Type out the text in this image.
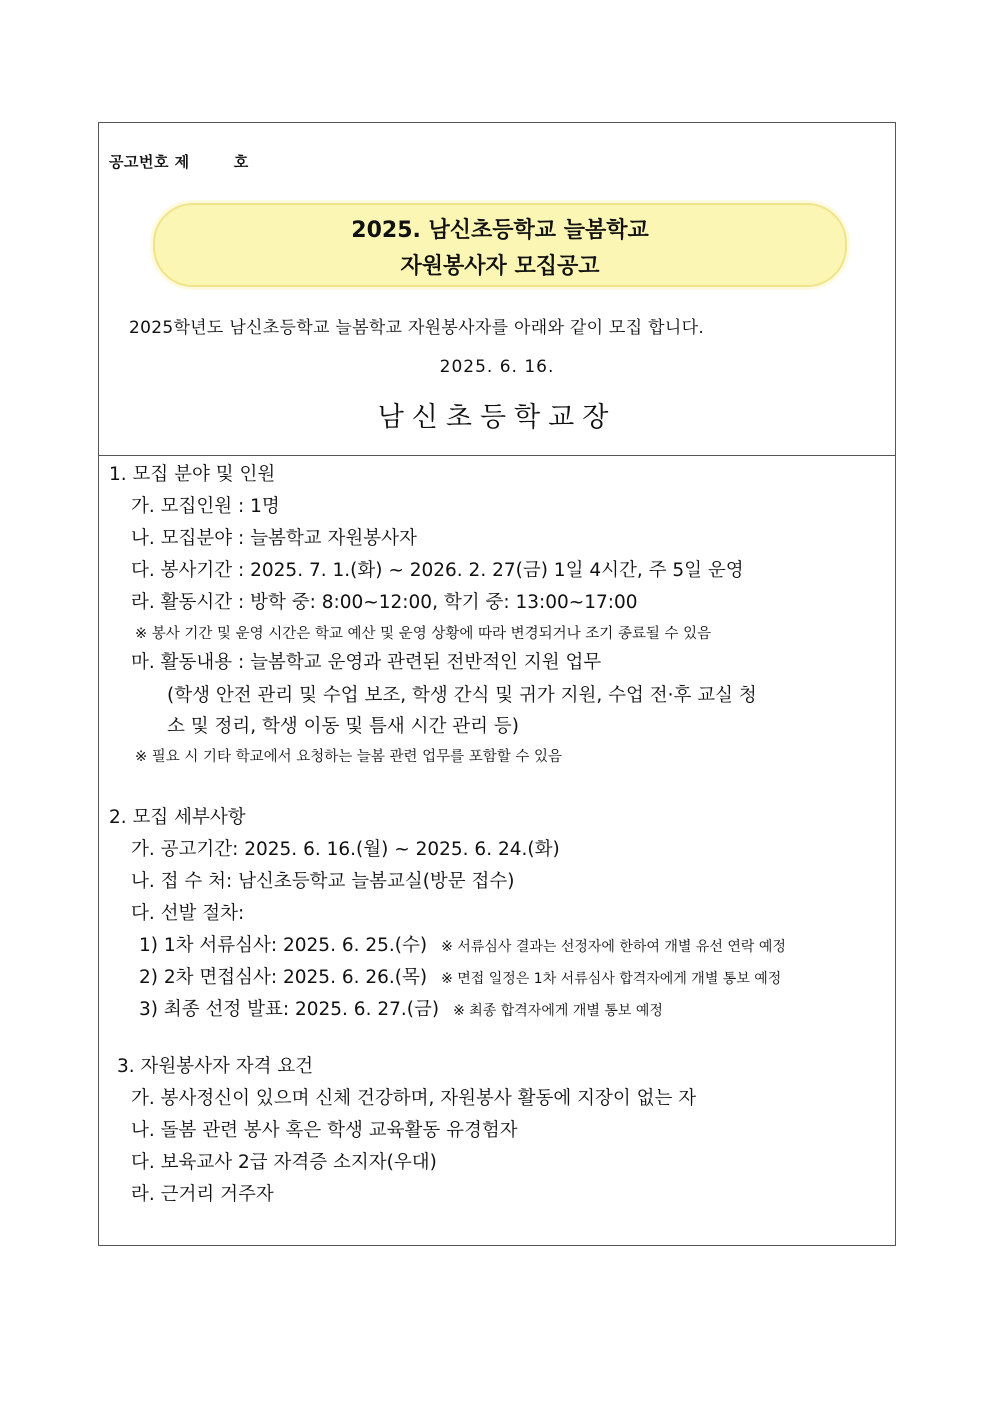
공고번호 제	호
2025. 남신초등학교 늘봄학교
자원봉사자 모집공고
2025학년도 남신초등학교 늘봄학교 자원봉사자를 아래와 같이 모집 합니다.
2025. 6. 16.
남신초등학교장
1. 모집 분야 및 인원
가. 모집인원 : 1명
나. 모집분야 : 늘봄학교 자원봉사자
다. 봉사기간 : 2025. 7. 1.(화) ~ 2026. 2. 27(금) 1일 4시간, 주 5일 운영
라. 활동시간 : 방학 중: 8:00~12:00, 학기 중: 13:00~17:00
※ 봉사 기간 및 운영 시간은 학교 예산 및 운영 상황에 따라 변경되거나 조기 종료될 수 있음
마. 활동내용 : 늘봄학교 운영과 관련된 전반적인 지원 업무
(학생 안전 관리 및 수업 보조, 학생 간식 및 귀가 지원, 수업 전·후 교실 청
소 및 정리, 학생 이동 및 틈새 시간 관리 등)
※ 필요 시 기타 학교에서 요청하는 늘봄 관련 업무를 포함할 수 있음
2. 모집 세부사항
가. 공고기간: 2025. 6. 16.(월) ~ 2025. 6. 24.(화)
나. 접 수 처: 남신초등학교 늘봄교실(방문 접수)
다. 선발 절차:
1) 1차 서류심사: 2025. 6. 25.(수) ※ 서류심사 결과는 선정자에 한하여 개별 유선 연락 예정
2) 2차 면접심사: 2025. 6. 26.(목) ※ 면접 일정은 1차 서류심사 합격자에게 개별 통보 예정
3) 최종 선정 발표: 2025. 6. 27.(금) ※ 최종 합격자에게 개별 통보 예정
3. 자원봉사자 자격 요건
가. 봉사정신이 있으며 신체 건강하며, 자원봉사 활동에 지장이 없는 자
나. 돌봄 관련 봉사 혹은 학생 교육활동 유경험자
다. 보육교사 2급 자격증 소지자(우대)
라. 근거리 거주자
